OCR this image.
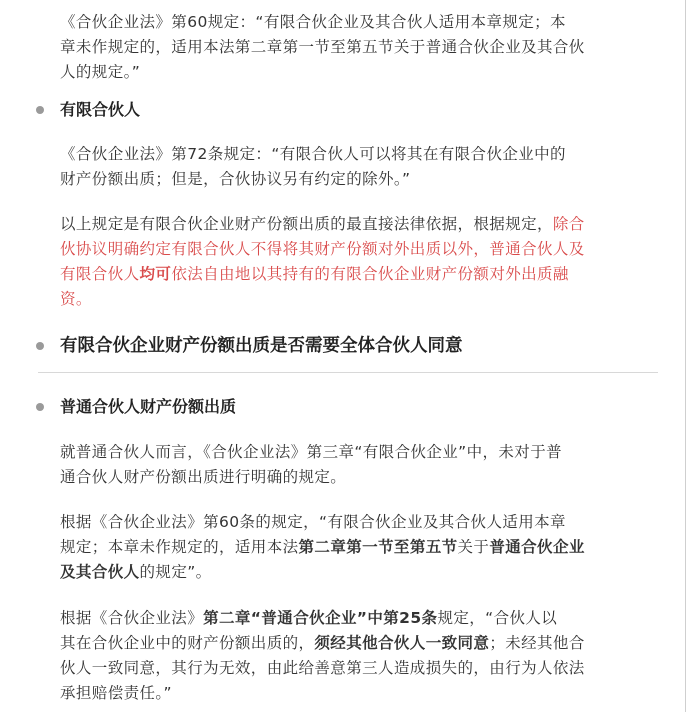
《合伙企业法》第60规定：“有限合伙企业及其合伙人适用本章规定；本
章未作规定的，适用本法第二章第一节至第五节关于普通合伙企业及其合伙
人的规定。”
有限合伙人
《合伙企业法》第72条规定：“有限合伙人可以将其在有限合伙企业中的
财产份额出质；但是，合伙协议另有约定的除外。”
以上规定是有限合伙企业财产份额出质的最直接法律依据，根据规定，除合
伙协议明确约定有限合伙人不得将其财产份额对外出质以外，普通合伙人及
有限合伙人均可依法自由地以其持有的有限合伙企业财产份额对外出质融
资。
有限合伙企业财产份额出质是否需要全体合伙人同意
普通合伙人财产份额出质
就普通合伙人而言，《合伙企业法》第三章“有限合伙企业”中，未对于普
通合伙人财产份额出质进行明确的规定。
根据《合伙企业法》第60条的规定，“有限合伙企业及其合伙人适用本章
规定；本章未作规定的，适用本法第二章第一节至第五节关于普通合伙企业
及其合伙人的规定”。
根据《合伙企业法》第二章“普通合伙企业”中第25条规定，“合伙人以
其在合伙企业中的财产份额出质的，须经其他合伙人一致同意；未经其他合
伙人一致同意，其行为无效，由此给善意第三人造成损失的，由行为人依法
承担赔偿责任。”
